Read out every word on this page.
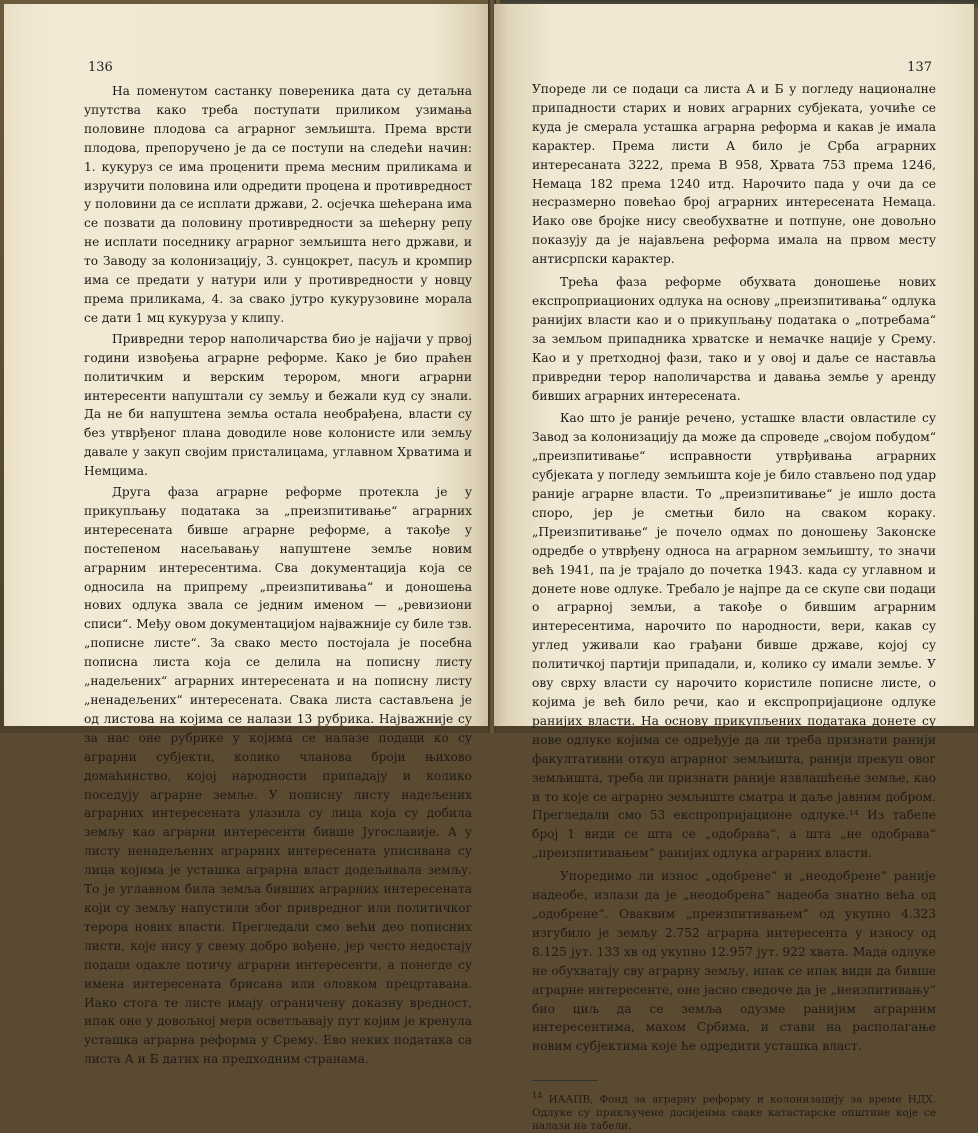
136

На поменутом састанку повереника дата су детаљна упутства како треба поступати приликом узимања половине плодова са аграрног земљишта. Према врсти плодова, препоручено је да се поступи на следећи начин: 1. кукуруз се има проценити према месним приликама и изручити половина или одредити процена и противредност у половини да се исплати држави, 2. осјечка шећерана има се позвати да половину противредности за шећерну репу не исплати поседнику аграрног земљишта него држави, и то Заводу за колонизацију, 3. сунцокрет, пасуљ и кромпир има се предати у натури или у противредности у новцу према приликама, 4. за свако јутро кукурузовине морала се дати 1 мц кукуруза у клипу.

Привредни терор наполичарства био је најјачи у првој години извођења аграрне реформе. Како је био праћен политичким и верским терором, многи аграрни интересенти напуштали су земљу и бежали куд су знали. Да не би напуштена земља остала необрађена, власти су без утврђеног плана доводиле нове колонисте или земљу давале у закуп својим присталицама, углавном Хрватима и Немцима.

Друга фаза аграрне реформе протекла је у прикупљању података за „преизпитивање“ аграрних интересената бивше аграрне реформе, а такође у постепеном насељавању напуштене земље новим аграрним интересентима. Сва документација која се односила на припрему „преизпитивања“ и доношења нових одлука звала се једним именом — „ревизиони списи“. Међу овом документацијом најважније су биле тзв. „пописне листе“. За свако место постојала је посебна пописна листа која се делила на пописну листу „надељених“ аграрних интересената и на пописну листу „ненадељених“ интересената. Свака листа састављена је од листова на којима се налази 13 рубрика. Најважније су за нас оне рубрике у којима се налазе подаци ко су аграрни субјекти, колико чланова броји њихово домаћинство, којој народности припадају и колико поседују аграрне земље. У пописну листу надељених аграрних интересената улазила су лица која су добила земљу као аграрни интересенти бивше Југославије. А у листу ненадељених аграрних интересената уписивана су лица којима је усташка аграрна власт додељивала земљу. То је углавном била земља бивших аграрних интересената који су земљу напустили због привредног или политичког терора нових власти. Прегледали смо већи део пописних листи, које нису у свему добро вођене, јер често недостају подаци одакле потичу аграрни интересенти, а понегде су имена интересената брисана или оловком прецртавана. Иако стога те листе имају ограничену доказну вредност, ипак оне у довољној мери осветљавају пут којим је кренула усташка аграрна реформа у Срему. Ево неких података са листа А и Б датих на предходним странама.

137

Упореде ли се подаци са листа А и Б у погледу националне припадности старих и нових аграрних субјеката, уочиће се куда је смерала усташка аграрна реформа и какав је имала карактер. Према листи А било је Срба аграрних интересаната 3222, према В 958, Хрвата 753 према 1246, Немаца 182 према 1240 итд. Нарочито пада у очи да се несразмерно повећао број аграрних интересената Немаца. Иако ове бројке нису свеобухватне и потпуне, оне довољно показују да је најављена реформа имала на првом месту антисрпски карактер.

Трећа фаза реформе обухвата доношење нових експроприационих одлука на основу „преизпитивања“ одлука ранијих власти као и о прикупљању података о „потребама“ за земљом припадника хрватске и немачке нације у Срему. Као и у претходној фази, тако и у овој и даље се наставља привредни терор наполичарства и давања земље у аренду бивших аграрних интересената.

Као што је раније речено, усташке власти овластиле су Завод за колонизацију да може да спроведе „својом побудом“ „преизпитивање“ исправности утврђивања аграрних субјеката у погледу земљишта које је било стављено под удар раније аграрне власти. То „преизпитивање“ је ишло доста споро, јер је сметњи било на сваком кораку. „Преизпитивање“ је почело одмах по доношењу Законске одредбе о утврђену односа на аграрном земљишту, то значи већ 1941, па је трајало до почетка 1943. када су углавном и донете нове одлуке. Требало је најпре да се скупе сви подаци о аграрној земљи, а такође о бившим аграрним интересентима, нарочито по народности, вери, какав су углед уживали као грађани бивше државе, којој су политичкој партији припадали, и, колико су имали земље. У ову сврху власти су нарочито користиле пописне листе, о којима је већ било речи, као и експропријационе одлуке ранијих власти. На основу прикупљених података донете су нове одлуке којима се одређује да ли треба признати ранији факултативни откуп аграрног земљишта, ранији прекуп овог земљишта, треба ли признати раније извлашћење земље, као и то које се аграрно земљиште сматра и даље јавним добром. Прегледали смо 53 експропријационе одлуке.¹⁴ Из табеле број 1 види се шта се „одобрава“, а шта „не одобрава“ „преизпитивањем“ ранијих одлука аграрних власти.

Упоредимо ли износ „одобрене“ и „неодобрене“ раније надеобе, излази да је „неодобрена“ надеоба знатно већа од „одобрене“. Оваквим „преизпитивањем“ од укупно 4.323 изгубило је земљу 2.752 аграрна интересента у износу од 8.125 јут. 133 хв од укупно 12.957 јут. 922 хвата. Мада одлуке не обухватају сву аграрну земљу, ипак се ипак види да бивше аграрне интересенте, оне јасно сведоче да је „неизпитивању“ био циљ да се земља одузме ранијим аграрним интересентима, махом Србима, и стави на располагање новим субјектима које ће одредити усташка власт.

$^{14}$ ИААПВ, Фонд за аграрну реформу и колонизацију за време НДХ. Одлуке су прикључене досијеима сваке катастарске општине које се налази на табели.
